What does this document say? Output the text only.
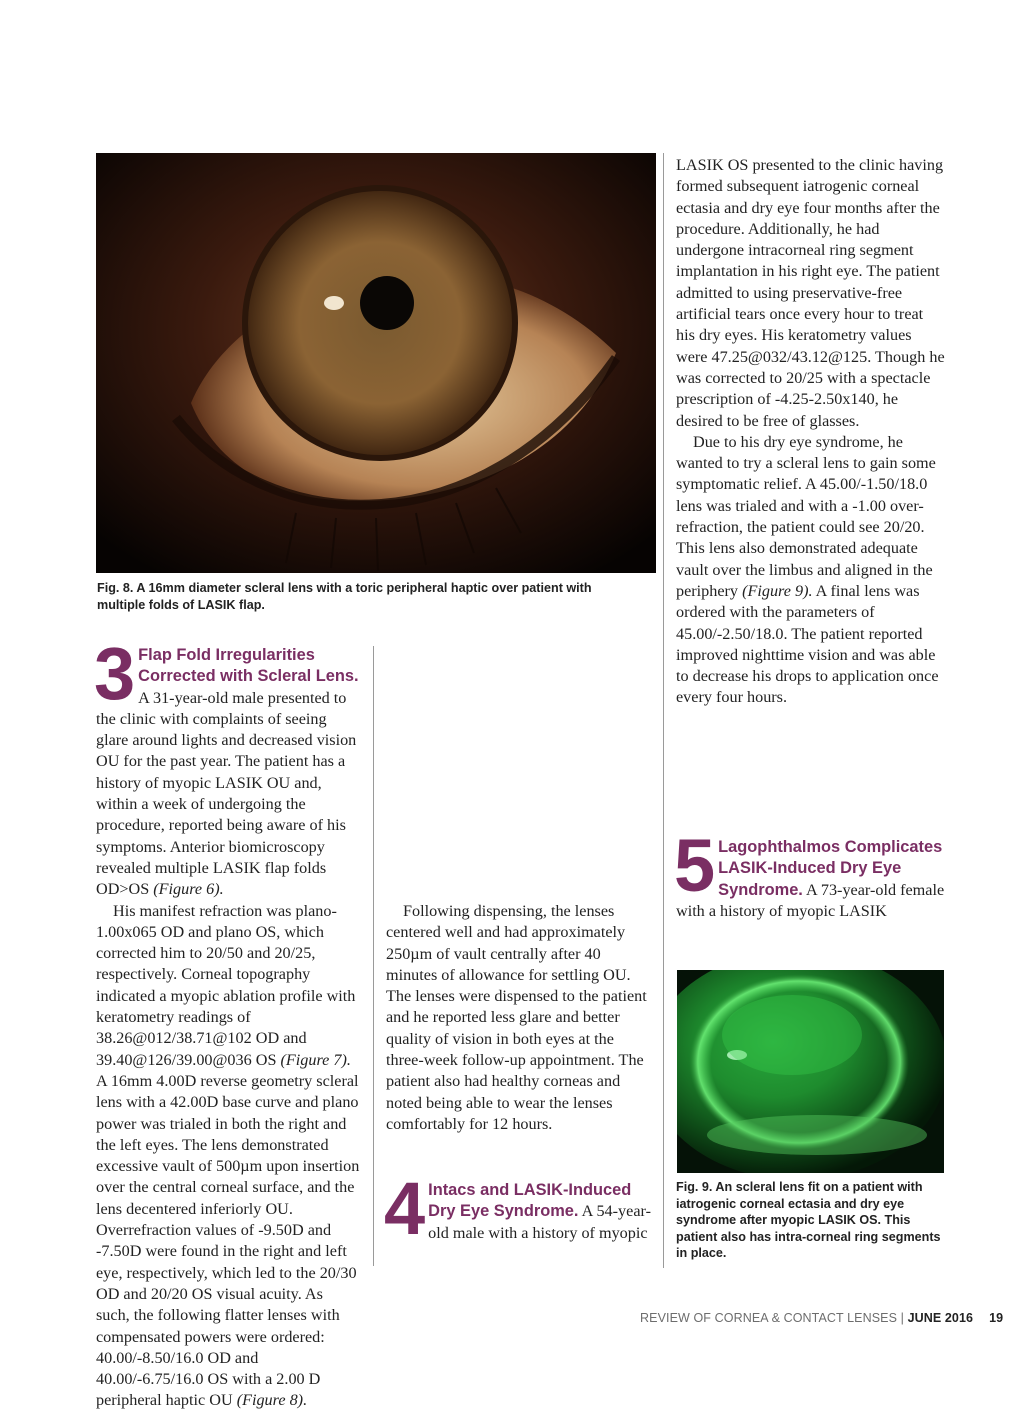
Fig. 8. A 16mm diameter scleral lens with a toric peripheral haptic over patient with multiple folds of LASIK flap.

3 Flap Fold Irregularities Corrected with Scleral Lens. A 31-year-old male presented to the clinic with complaints of seeing glare around lights and decreased vision OU for the past year. The patient has a history of myopic LASIK OU and, within a week of undergoing the procedure, reported being aware of his symptoms. Anterior biomicroscopy revealed multiple LASIK flap folds OD>OS (Figure 6).

His manifest refraction was plano-1.00x065 OD and plano OS, which corrected him to 20/50 and 20/25, respectively. Corneal topography indicated a myopic ablation profile with keratometry readings of 38.26@012/38.71@102 OD and 39.40@126/39.00@036 OS (Figure 7). A 16mm 4.00D reverse geometry scleral lens with a 42.00D base curve and plano power was trialed in both the right and the left eyes. The lens demonstrated excessive vault of 500µm upon insertion over the central corneal surface, and the lens decentered inferiorly OU. Overrefraction values of -9.50D and -7.50D were found in the right and left eye, respectively, which led to the 20/30 OD and 20/20 OS visual acuity. As such, the following flatter lenses with compensated powers were ordered: 40.00/-8.50/16.0 OD and 40.00/-6.75/16.0 OS with a 2.00 D peripheral haptic OU (Figure 8).

Following dispensing, the lenses centered well and had approximately 250µm of vault centrally after 40 minutes of allowance for settling OU. The lenses were dispensed to the patient and he reported less glare and better quality of vision in both eyes at the three-week follow-up appointment. The patient also had healthy corneas and noted being able to wear the lenses comfortably for 12 hours.

4 Intacs and LASIK-Induced Dry Eye Syndrome. A 54-year-old male with a history of myopic

LASIK OS presented to the clinic having formed subsequent iatrogenic corneal ectasia and dry eye four months after the procedure. Additionally, he had undergone intracorneal ring segment implantation in his right eye. The patient admitted to using preservative-free artificial tears once every hour to treat his dry eyes. His keratometry values were 47.25@032/43.12@125. Though he was corrected to 20/25 with a spectacle prescription of -4.25-2.50x140, he desired to be free of glasses.

Due to his dry eye syndrome, he wanted to try a scleral lens to gain some symptomatic relief. A 45.00/-1.50/18.0 lens was trialed and with a -1.00 over-refraction, the patient could see 20/20. This lens also demonstrated adequate vault over the limbus and aligned in the periphery (Figure 9). A final lens was ordered with the parameters of 45.00/-2.50/18.0. The patient reported improved nighttime vision and was able to decrease his drops to application once every four hours.

5 Lagophthalmos Complicates LASIK-Induced Dry Eye Syndrome. A 73-year-old female with a history of myopic LASIK

Fig. 9. An scleral lens fit on a patient with iatrogenic corneal ectasia and dry eye syndrome after myopic LASIK OS. This patient also has intra-corneal ring segments in place.
REVIEW OF CORNEA & CONTACT LENSES | JUNE 2016 19
